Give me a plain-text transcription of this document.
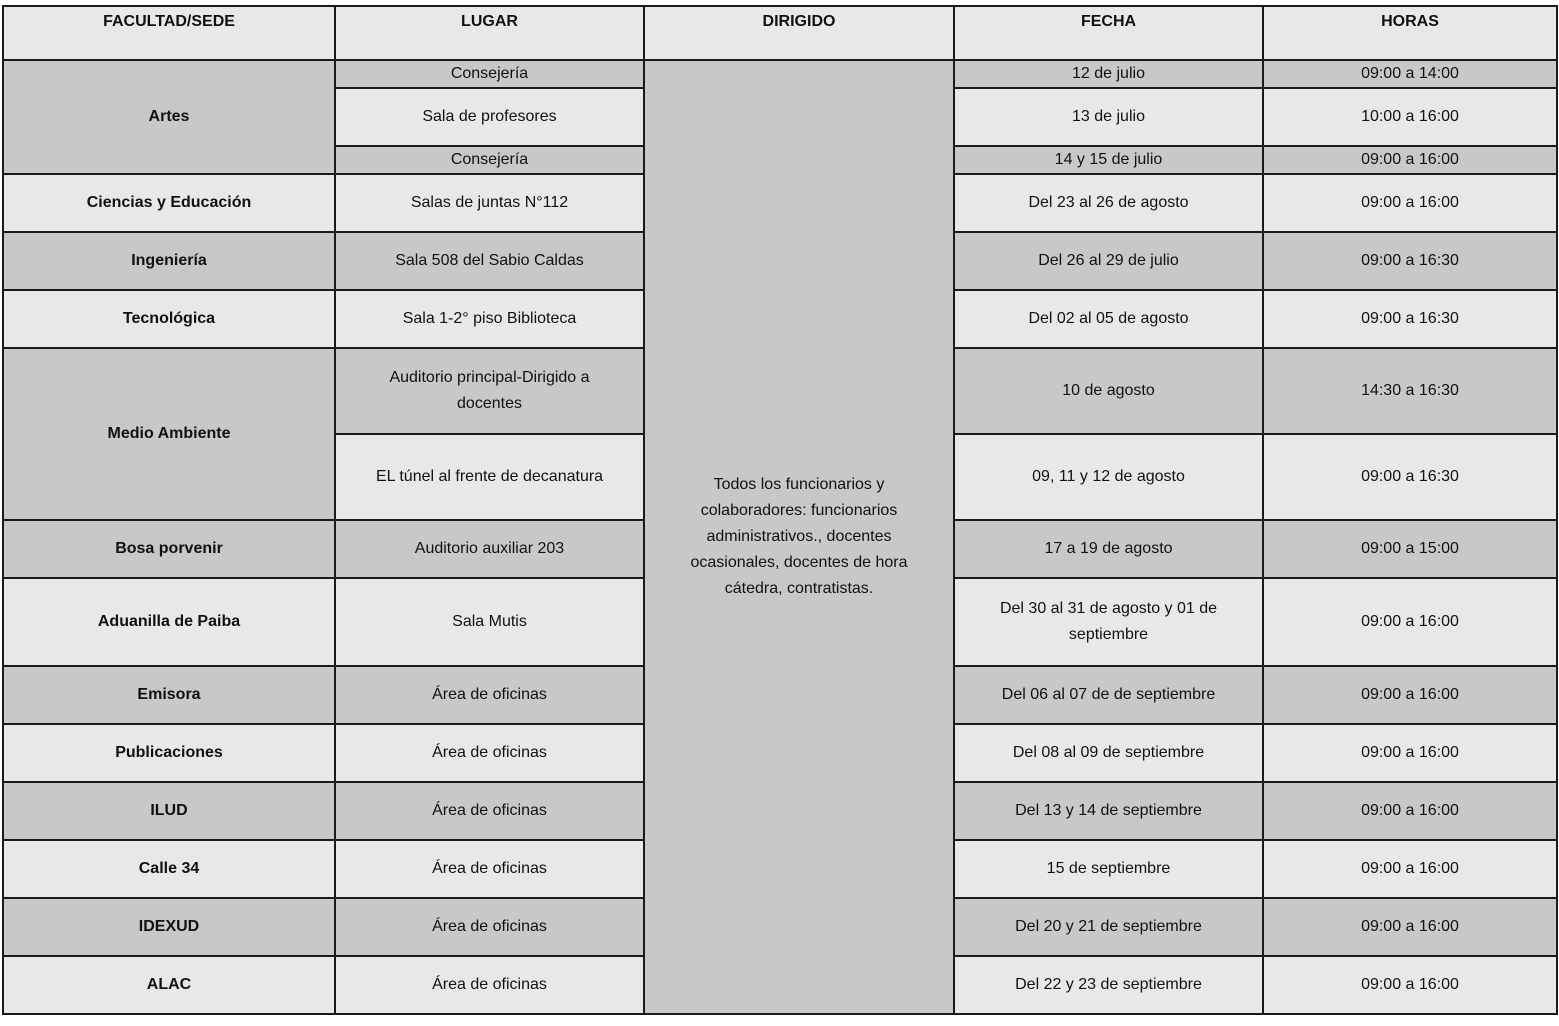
FACULTAD/SEDE	LUGAR	DIRIGIDO	FECHA	HORAS
Artes	Consejería	Todos los funcionarios y colaboradores: funcionarios administrativos., docentes ocasionales, docentes de hora cátedra, contratistas.	12 de julio	09:00 a 14:00
	Sala de profesores		13 de julio	10:00 a 16:00
	Consejería		14 y 15 de julio	09:00 a 16:00
Ciencias y Educación	Salas de juntas N°112		Del 23 al 26 de agosto	09:00 a 16:00
Ingeniería	Sala 508 del Sabio Caldas		Del 26 al 29 de julio	09:00 a 16:30
Tecnológica	Sala 1-2° piso Biblioteca		Del 02 al 05 de agosto	09:00 a 16:30
Medio Ambiente	Auditorio principal-Dirigido a docentes		10 de agosto	14:30 a 16:30
	EL túnel al frente de decanatura		09, 11 y 12 de agosto	09:00 a 16:30
Bosa porvenir	Auditorio auxiliar 203		17 a 19 de agosto	09:00 a 15:00
Aduanilla de Paiba	Sala Mutis		Del 30 al 31 de agosto y 01 de septiembre	09:00 a 16:00
Emisora	Área de oficinas		Del 06 al 07 de de septiembre	09:00 a 16:00
Publicaciones	Área de oficinas		Del 08 al 09 de septiembre	09:00 a 16:00
ILUD	Área de oficinas		Del 13 y 14 de septiembre	09:00 a 16:00
Calle 34	Área de oficinas		15 de septiembre	09:00 a 16:00
IDEXUD	Área de oficinas		Del 20 y 21 de septiembre	09:00 a 16:00
ALAC	Área de oficinas		Del 22 y 23 de septiembre	09:00 a 16:00
